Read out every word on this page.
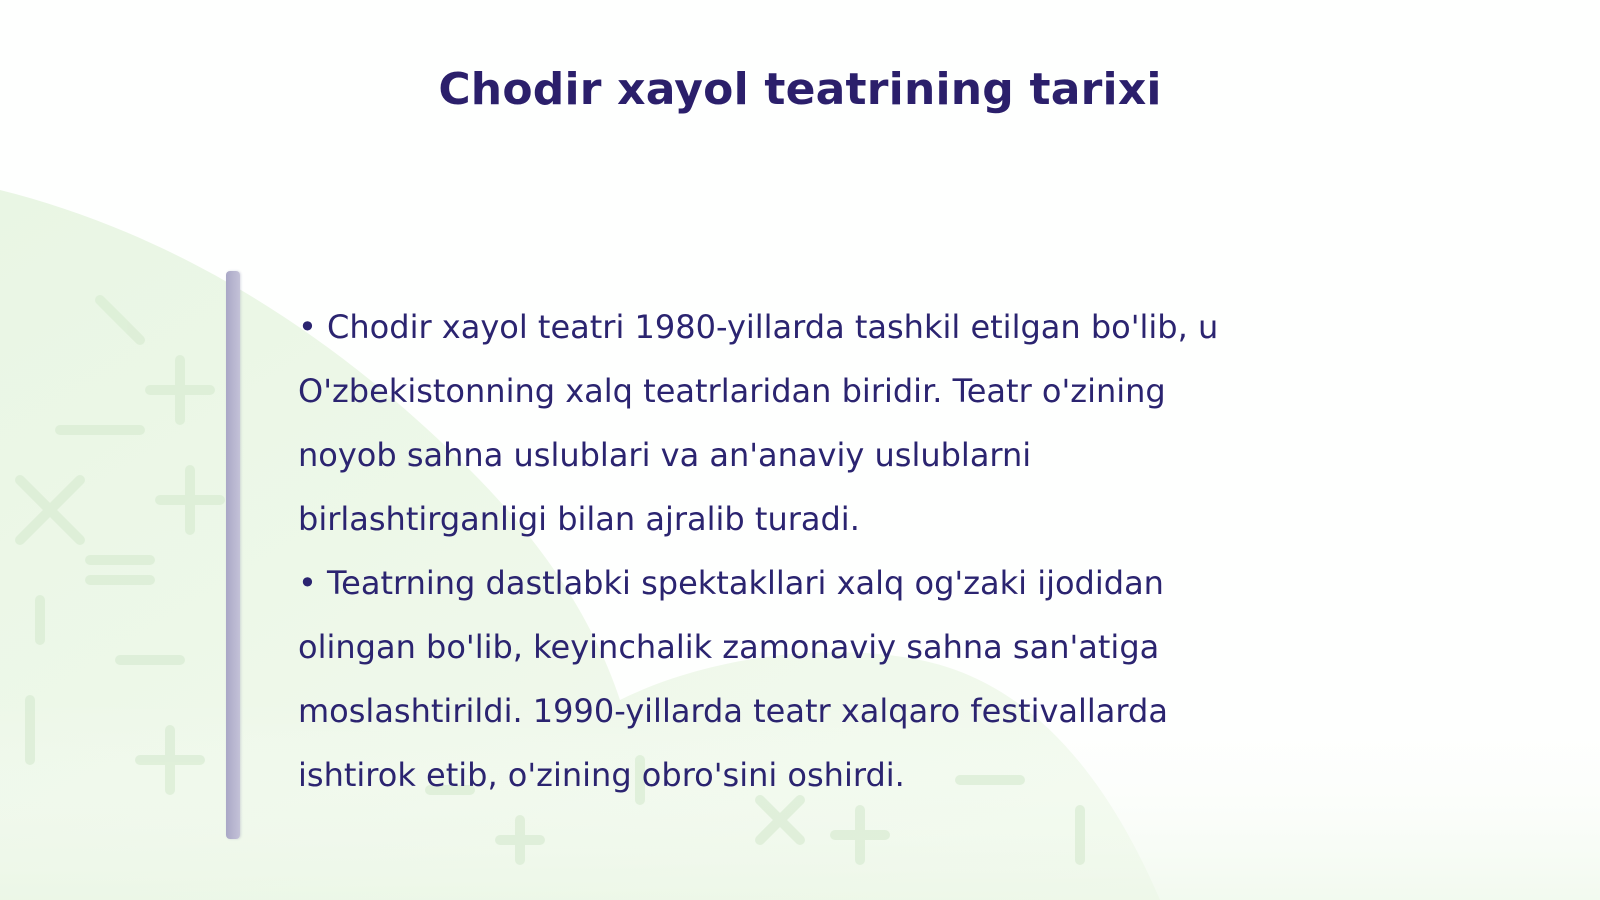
Chodir xayol teatrining tarixi

• Chodir xayol teatri 1980-yillarda tashkil etilgan bo'lib, u O'zbekistonning xalq teatrlaridan biridir. Teatr o'zining noyob sahna uslublari va an'anaviy uslublarni birlashtirganligi bilan ajralib turadi.

• Teatrning dastlabki spektakllari xalq og'zaki ijodidan olingan bo'lib, keyinchalik zamonaviy sahna san'atiga moslashtirildi. 1990-yillarda teatr xalqaro festivallarda ishtirok etib, o'zining obro'sini oshirdi.
